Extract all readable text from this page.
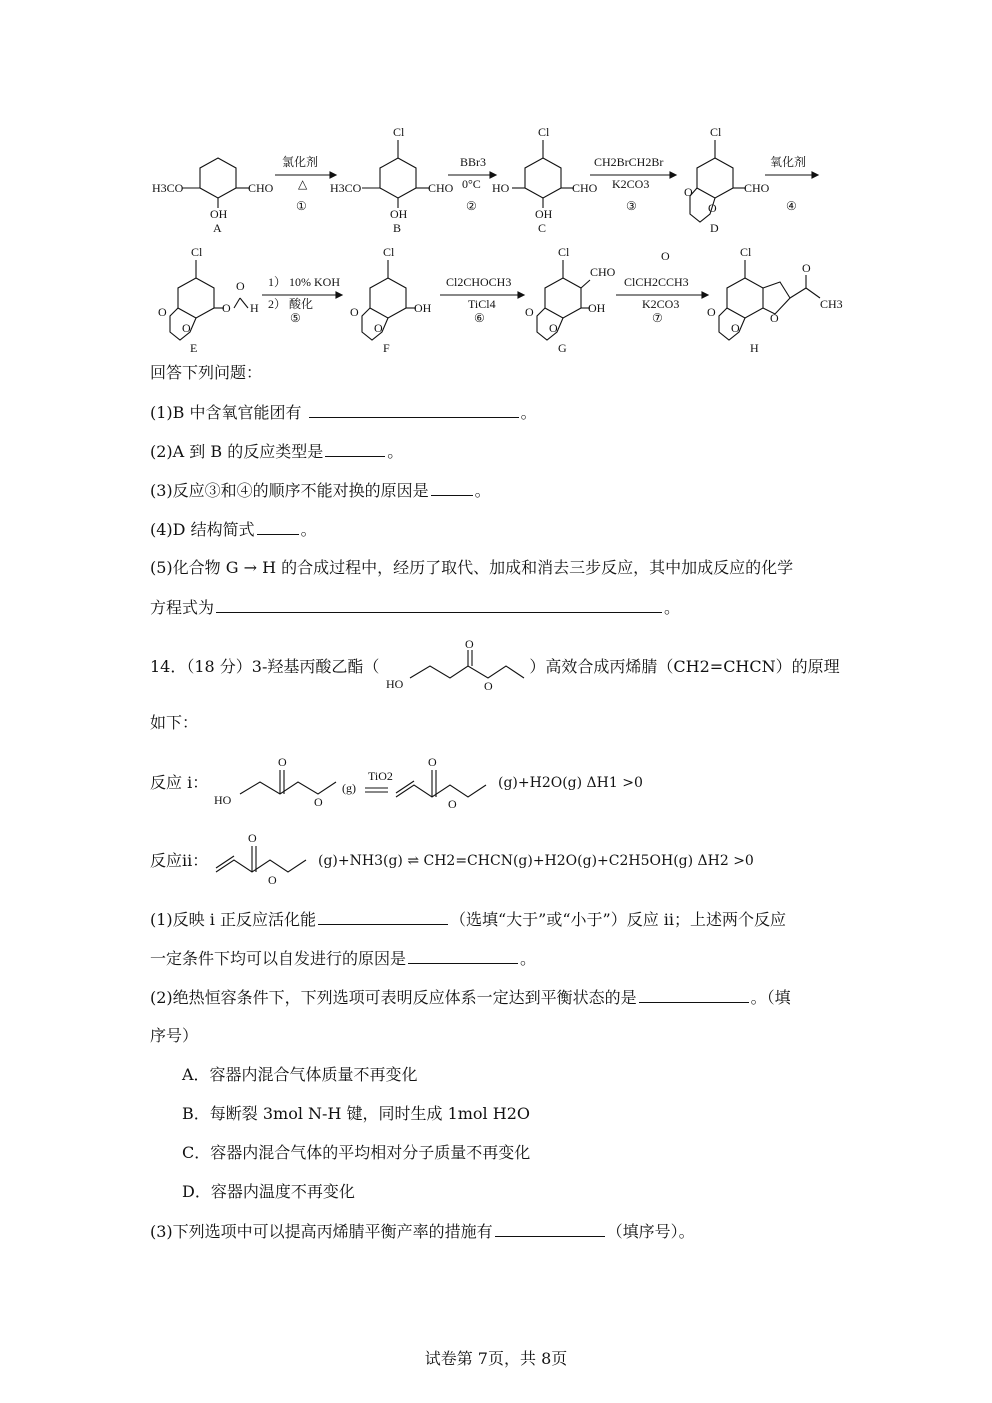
H3CO	CHO
OH
A
氯化剂
△
①
Cl
H3CO	CHO
OH
B
BBr3
0°C
②
Cl
HO	CHO
OH
C
CH2BrCH2Br
K2CO3
③
Cl
CHO
O
O
D
氧化剂
④
Cl
O
O
O
O
H
E
1） 10% KOH
2） 酸化
⑤
Cl
O
O
OH
F
Cl2CHOCH3
TiCl4
⑥
Cl
CHO
O
O
OH
G
ClCH2CCH3
K2CO3
⑦
O	Cl
O
O
O
O
CH3
H
回答下列问题：
(1)B 中含氧官能团有	。
(2)A 到 B 的反应类型是	。
(3)反应③和④的顺序不能对换的原因是	。
(4)D 结构简式	。
(5)化合物 G → H 的合成过程中，经历了取代、加成和消去三步反应，其中加成反应的化学
方程式为	。
14．（18 分）3-羟基丙酸乙酯（	）高效合成丙烯腈（CH2=CHCN）的原理
HO
O
O
如下：
反应 i：
HO
O
O
(g)
TiO2
O
O
(g)+H2O(g) ΔH1 >0
反应ii：
O
O
(g)+NH3(g) ⇌ CH2=CHCN(g)+H2O(g)+C2H5OH(g) ΔH2 >0
(1)反映 i 正反应活化能	（选填“大于”或“小于”）反应 ii；上述两个反应
一定条件下均可以自发进行的原因是	。
(2)绝热恒容条件下，下列选项可表明反应体系一定达到平衡状态的是	。（填
序号）
A．容器内混合气体质量不再变化
B．每断裂 3mol N-H 键，同时生成 1mol H2O
C．容器内混合气体的平均相对分子质量不再变化
D．容器内温度不再变化
(3)下列选项中可以提高丙烯腈平衡产率的措施有	（填序号）。
试卷第 7页，共 8页
